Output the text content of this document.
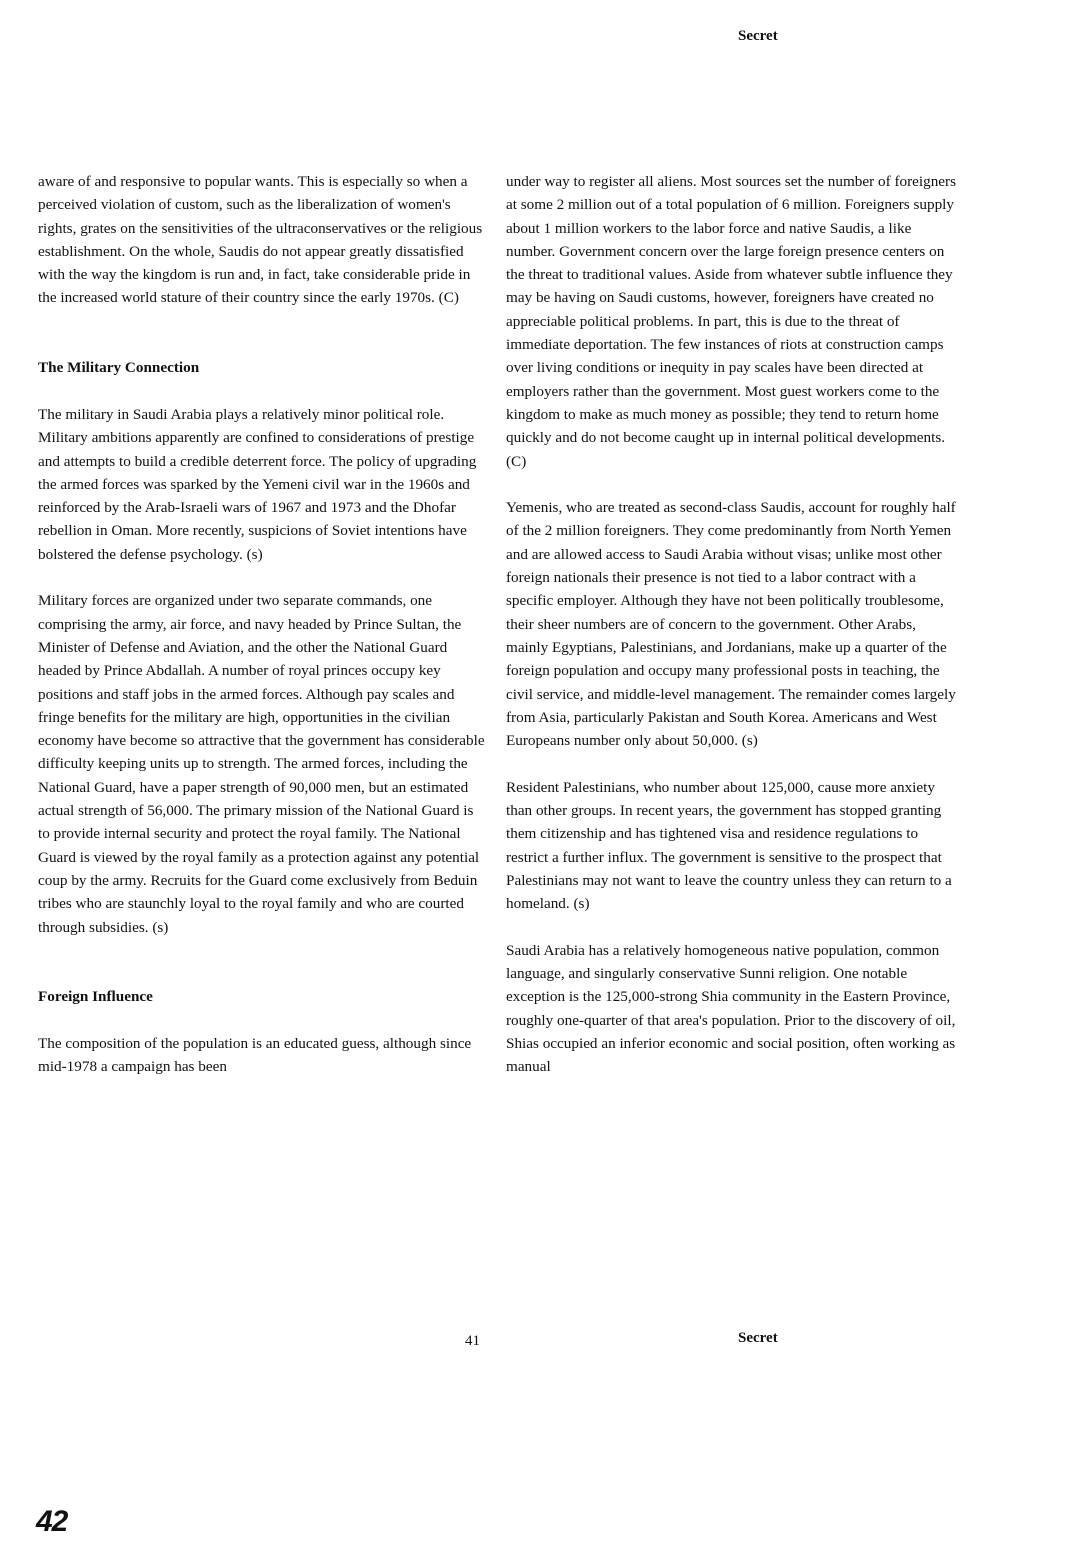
Secret

aware of and responsive to popular wants. This is especially so when a perceived violation of custom, such as the liberalization of women's rights, grates on the sensitivities of the ultraconservatives or the religious establishment. On the whole, Saudis do not appear greatly dissatisfied with the way the kingdom is run and, in fact, take considerable pride in the increased world stature of their country since the early 1970s. (C)

The Military Connection

The military in Saudi Arabia plays a relatively minor political role. Military ambitions apparently are confined to considerations of prestige and attempts to build a credible deterrent force. The policy of upgrading the armed forces was sparked by the Yemeni civil war in the 1960s and reinforced by the Arab-Israeli wars of 1967 and 1973 and the Dhofar rebellion in Oman. More recently, suspicions of Soviet intentions have bolstered the defense psychology. (s)

Military forces are organized under two separate commands, one comprising the army, air force, and navy headed by Prince Sultan, the Minister of Defense and Aviation, and the other the National Guard headed by Prince Abdallah. A number of royal princes occupy key positions and staff jobs in the armed forces. Although pay scales and fringe benefits for the military are high, opportunities in the civilian economy have become so attractive that the government has considerable difficulty keeping units up to strength. The armed forces, including the National Guard, have a paper strength of 90,000 men, but an estimated actual strength of 56,000. The primary mission of the National Guard is to provide internal security and protect the royal family. The National Guard is viewed by the royal family as a protection against any potential coup by the army. Recruits for the Guard come exclusively from Beduin tribes who are staunchly loyal to the royal family and who are courted through subsidies. (s)

Foreign Influence

The composition of the population is an educated guess, although since mid-1978 a campaign has been

under way to register all aliens. Most sources set the number of foreigners at some 2 million out of a total population of 6 million. Foreigners supply about 1 million workers to the labor force and native Saudis, a like number. Government concern over the large foreign presence centers on the threat to traditional values. Aside from whatever subtle influence they may be having on Saudi customs, however, foreigners have created no appreciable political problems. In part, this is due to the threat of immediate deportation. The few instances of riots at construction camps over living conditions or inequity in pay scales have been directed at employers rather than the government. Most guest workers come to the kingdom to make as much money as possible; they tend to return home quickly and do not become caught up in internal political developments. (C)

Yemenis, who are treated as second-class Saudis, account for roughly half of the 2 million foreigners. They come predominantly from North Yemen and are allowed access to Saudi Arabia without visas; unlike most other foreign nationals their presence is not tied to a labor contract with a specific employer. Although they have not been politically troublesome, their sheer numbers are of concern to the government. Other Arabs, mainly Egyptians, Palestinians, and Jordanians, make up a quarter of the foreign population and occupy many professional posts in teaching, the civil service, and middle-level management. The remainder comes largely from Asia, particularly Pakistan and South Korea. Americans and West Europeans number only about 50,000. (s)

Resident Palestinians, who number about 125,000, cause more anxiety than other groups. In recent years, the government has stopped granting them citizenship and has tightened visa and residence regulations to restrict a further influx. The government is sensitive to the prospect that Palestinians may not want to leave the country unless they can return to a homeland. (s)

Saudi Arabia has a relatively homogeneous native population, common language, and singularly conservative Sunni religion. One notable exception is the 125,000-strong Shia community in the Eastern Province, roughly one-quarter of that area's population. Prior to the discovery of oil, Shias occupied an inferior economic and social position, often working as manual

41	Secret
42
